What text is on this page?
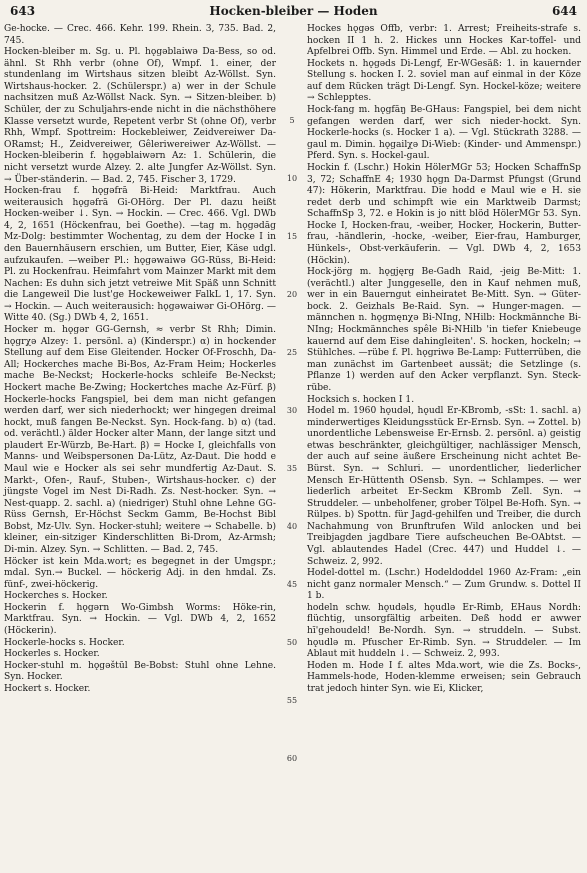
643	Hocken-bleiber — Hoden	644

Ge-hocke. — Crec. 466. Kehr. 199. Rhein. 3, 735. Bad. 2, 745.

Hocken-bleiber m. Sg. u. Pl. hǫgəblaiwə Da-Bess, so od. ähnl. St Rhh verbr (ohne Of), Wmpf. 1. einer, der stundenlang im Wirtshaus sitzen bleibt Az-Wöllst. Syn. Wirtshaus-hocker. 2. (Schülerspr.) a) wer in der Schule nachsitzen muß Az-Wöllst Nack. Syn. → Sitzen-bleiber. b) Schüler, der zu Schuljahrs-ende nicht in die nächsthöhere Klasse versetzt wurde, Repetent verbr St (ohne Of), verbr Rhh, Wmpf. Spottreim: Hockebleiwer, Zeidvereiwer Da-ORamst; H., Zeidvereiwer, Gêleriwereiwer Az-Wöllst. — Hocken-bleiberin f. hǫgəblaiwərn Az: 1. Schülerin, die nicht versetzt wurde Alzey. 2. alte Jungfer Az-Wöllst. Syn. → Über-ständerin. — Bad. 2, 745. Fischer 3, 1729.

Hocken-frau f. hǫgəfrā Bi-Heid: Marktfrau. Auch weiterausich hǫgəfrā Gi-OHörg. Der Pl. dazu heißt Hocken-weiber ↓. Syn. → Hockin. — Crec. 466. Vgl. DWb 4, 2, 1651 (Höckenfrau, bei Goethe). —tag m. hǫgədāg Mz-Dolg: bestimmter Wochentag, zu dem der Hocke I in den Bauernhäusern erschien, um Butter, Eier, Käse udgl. aufzukaufen. —weiber Pl.: hǫgəwaiwə GG-Rüss, Bi-Heid: Pl. zu Hockenfrau. Heimfahrt vom Mainzer Markt mit dem Nachen: Es duhn sich jetzt vetreiwe Mit Späß unn Schnitt die Langeweil Die lust'ge Hockeweiwer FalkL 1, 17. Syn. → Hockin. — Auch weiterausich: hǫgəwaiwər Gi-OHörg. — Witte 40. (Sg.) DWb 4, 2, 1651.

Hocker m. hǫgər GG-Gernsh, ≈ verbr St Rhh; Dimin. hǫgrχə Alzey: 1. persönl. a) (Kinderspr.) α) in hockender Stellung auf dem Eise Gleitender. Hocker Of-Froschh, Da-All; Hockerches mache Bi-Bos, Az-Fram Heim; Hockerles mache Be-Neckst; Hockerle-hocks schleife Be-Neckst; Hockert mache Be-Zwing; Hockertches mache Az-Fürf. β) Hockerle-hocks Fangspiel, bei dem man nicht gefangen werden darf, wer sich niederhockt; wer hingegen dreimal hockt, muß fangen Be-Neckst. Syn. Hock-fang. b) α) (tad. od. verächtl.) älder Hocker alter Mann, der lange sitzt und plaudert Er-Würzb, Be-Hart. β) = Hocke I, gleichfalls von Manns- und Weibspersonen Da-Lütz, Az-Daut. Die hodd e Maul wie e Hocker als sei sehr mundfertig Az-Daut. S. Markt-, Ofen-, Rauf-, Stuben-, Wirtshaus-hocker. c) der jüngste Vogel im Nest Di-Radh. Zs. Nest-hocker. Syn. → Nest-quapp. 2. sachl. a) (niedriger) Stuhl ohne Lehne GG-Rüss Gernsh, Er-Höchst Seckm Gamm, Be-Hochst Bibl Bobst, Mz-Ulv. Syn. Hocker-stuhl; weitere → Schabelle. b) kleiner, ein-sitziger Kinderschlitten Bi-Drom, Az-Armsh; Di-min. Alzey. Syn. → Schlitten. — Bad. 2, 745.

Höcker ist kein Mda.wort; es begegnet in der Umgspr.; mdal. Syn.→ Buckel. — höckerig Adj. in den hmdal. Zs. fünf-, zwei-höckerig.

Hockerches s. Hocker.

Hockerin f. hǫgərn Wo-Gimbsh Worms: Höke-rin, Marktfrau. Syn. → Hockin. — Vgl. DWb 4, 2, 1652 (Höckerin).

Hockerle-hocks s. Hocker.

Hockerles s. Hocker.

Hocker-stuhl m. hǫgəštūl Be-Bobst: Stuhl ohne Lehne. Syn. Hocker.

Hockert s. Hocker.

5
10
15
20
25
30
35
40
45
50
55
60

Hockes hǫgəs Offb, verbr: 1. Arrest; Freiheits-strafe s. hocken II 1 h. 2. Hickes unn Hockes Kar-toffel- und Apfelbrei Offb. Syn. Himmel und Erde. — Abl. zu hocken.

Hockets n. hǫgəds Di-Lengf, Er-WGesäß: 1. in kauernder Stellung s. hocken I. 2. soviel man auf einmal in der Köze auf dem Rücken trägt Di-Lengf. Syn. Hockel-köze; weitere → Schlepptes.

Hock-fang m. hǫgfāŋ Be-GHaus: Fangspiel, bei dem nicht gefangen werden darf, wer sich nieder-hockt. Syn. Hockerle-hocks (s. Hocker 1 a). — Vgl. Stückrath 3288. —gaul m. Dimin. hǫgailχə Di-Wieb: (Kinder- und Ammenspr.) Pferd. Syn. s. Hockel-gaul.

Hockin f. (Lschr.) Hokin HölerMGr 53; Hocken SchaffnSp 3, 72; SchaffnE 4; 1930 hǫgn Da-Darmst Pfungst (Grund 47): Hökerin, Marktfrau. Die hodd e Maul wie e H. sie redet derb und schimpft wie ein Marktweib Darmst; SchaffnSp 3, 72. e Hokin is jo nitt blöd HölerMGr 53. Syn. Hocke I, Hocken-frau, -weiber, Hocker, Hockerin, Butter-frau, -händlerin, -hocke, -weiber, Eier-frau, Hamburger, Hünkels-, Obst-verkäuferin. — Vgl. DWb 4, 2, 1653 (Höckin).

Hock-jörg m. hǫgjęrg Be-Gadh Raid, -jeig Be-Mitt: 1. (verächtl.) alter Junggeselle, den in Kauf nehmen muß, wer in ein Bauerngut einheiratet Be-Mitt. Syn. → Güter-bock. 2. Geizhals Be-Raid. Syn. → Hunger-magen. —männchen n. hǫgmęnχə Bi-NIng, NHilb: Hockmännche Bi-NIng; Hockmännches spêle Bi-NHilb 'in tiefer Kniebeuge kauernd auf dem Eise dahingleiten'. S. hocken, hockeln; → Stühlches. —rübe f. Pl. hǫgriwə Be-Lamp: Futterrüben, die man zunächst im Gartenbeet aussät; die Setzlinge (s. Pflanze 1) werden auf den Acker verpflanzt. Syn. Steck-rübe.

Hocksich s. hocken I 1.

Hodel m. 1960 hǫudəl, hǫudl Er-KBromb, -sSt: 1. sachl. a) minderwertiges Kleidungsstück Er-Ernsb. Syn. → Zottel. b) unordentliche Lebensweise Er-Ernsb. 2. persönl. a) geistig etwas beschränkter, gleichgültiger, nachlässiger Mensch, der auch auf seine äußere Erscheinung nicht achtet Be-Bürst. Syn. → Schluri. — unordentlicher, liederlicher Mensch Er-Hüttenth OSensb. Syn. → Schlampes. — wer liederlich arbeitet Er-Seckm KBromb Zell. Syn. → Struddeler. — unbeholfener, grober Tölpel Be-Hofh. Syn. → Rülpes. b) Spottn. für Jagd-gehilfen und Treiber, die durch Nachahmung von Brunftrufen Wild anlocken und bei Treibjagden jagdbare Tiere aufscheuchen Be-OAbtst. — Vgl. ablautendes Hadel (Crec. 447) und Huddel ↓. — Schweiz. 2, 992.

Hodel-dottel m. (Lschr.) Hodeldoddel 1960 Az-Fram: „ein nicht ganz normaler Mensch.“ — Zum Grundw. s. Dottel II 1 b.

hodeln schw. hǫudəls, hǫudlə Er-Rimb, EHaus Nordh: flüchtig, unsorgfältig arbeiten. Deß hodd er awwer hī'gehoudeld! Be-Nordh. Syn. → struddeln. — Subst. hǫudlə m. Pfuscher Er-Rimb. Syn. → Struddeler. — Im Ablaut mit huddeln ↓. — Schweiz. 2, 993.

Hoden m. Hode I f. altes Mda.wort, wie die Zs. Bocks-, Hammels-hode, Hoden-klemme erweisen; sein Gebrauch trat jedoch hinter Syn. wie Ei, Klicker,
